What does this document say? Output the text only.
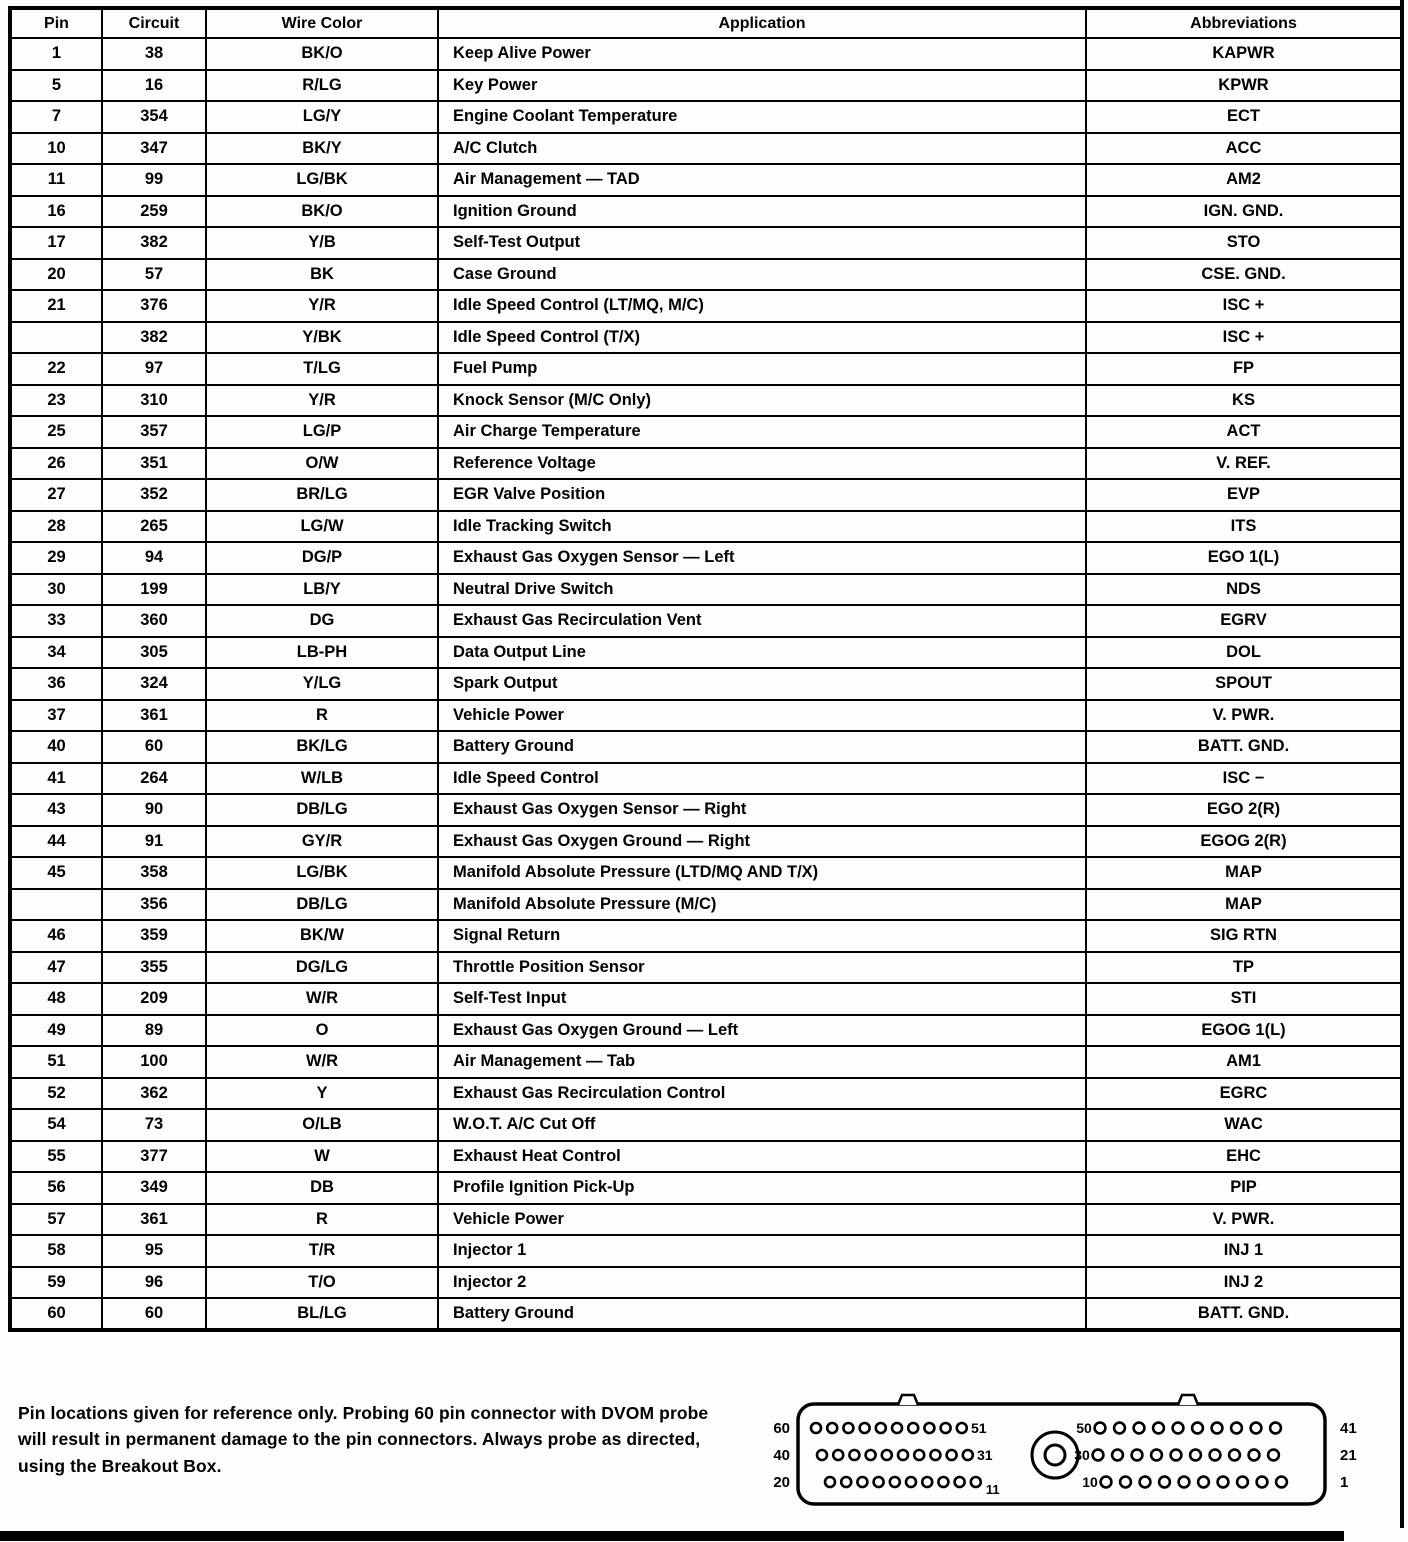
Pin	Circuit	Wire Color	Application	Abbreviations
1	38	BK/O	Keep Alive Power	KAPWR
5	16	R/LG	Key Power	KPWR
7	354	LG/Y	Engine Coolant Temperature	ECT
10	347	BK/Y	A/C Clutch	ACC
11	99	LG/BK	Air Management — TAD	AM2
16	259	BK/O	Ignition Ground	IGN. GND.
17	382	Y/B	Self-Test Output	STO
20	57	BK	Case Ground	CSE. GND.
21	376	Y/R	Idle Speed Control (LT/MQ, M/C)	ISC +
	382	Y/BK	Idle Speed Control (T/X)	ISC +
22	97	T/LG	Fuel Pump	FP
23	310	Y/R	Knock Sensor (M/C Only)	KS
25	357	LG/P	Air Charge Temperature	ACT
26	351	O/W	Reference Voltage	V. REF.
27	352	BR/LG	EGR Valve Position	EVP
28	265	LG/W	Idle Tracking Switch	ITS
29	94	DG/P	Exhaust Gas Oxygen Sensor — Left	EGO 1(L)
30	199	LB/Y	Neutral Drive Switch	NDS
33	360	DG	Exhaust Gas Recirculation Vent	EGRV
34	305	LB-PH	Data Output Line	DOL
36	324	Y/LG	Spark Output	SPOUT
37	361	R	Vehicle Power	V. PWR.
40	60	BK/LG	Battery Ground	BATT. GND.
41	264	W/LB	Idle Speed Control	ISC −
43	90	DB/LG	Exhaust Gas Oxygen Sensor — Right	EGO 2(R)
44	91	GY/R	Exhaust Gas Oxygen Ground — Right	EGOG 2(R)
45	358	LG/BK	Manifold Absolute Pressure (LTD/MQ AND T/X)	MAP
	356	DB/LG	Manifold Absolute Pressure (M/C)	MAP
46	359	BK/W	Signal Return	SIG RTN
47	355	DG/LG	Throttle Position Sensor	TP
48	209	W/R	Self-Test Input	STI
49	89	O	Exhaust Gas Oxygen Ground — Left	EGOG 1(L)
51	100	W/R	Air Management — Tab	AM1
52	362	Y	Exhaust Gas Recirculation Control	EGRC
54	73	O/LB	W.O.T. A/C Cut Off	WAC
55	377	W	Exhaust Heat Control	EHC
56	349	DB	Profile Ignition Pick-Up	PIP
57	361	R	Vehicle Power	V. PWR.
58	95	T/R	Injector 1	INJ 1
59	96	T/O	Injector 2	INJ 2
60	60	BL/LG	Battery Ground	BATT. GND.
Pin locations given for reference only. Probing 60 pin connector with DVOM probe
will result in permanent damage to the pin connectors. Always probe as directed,
using the Breakout Box.
60	51	50	41
40	31	30	21
20	11	10	1
